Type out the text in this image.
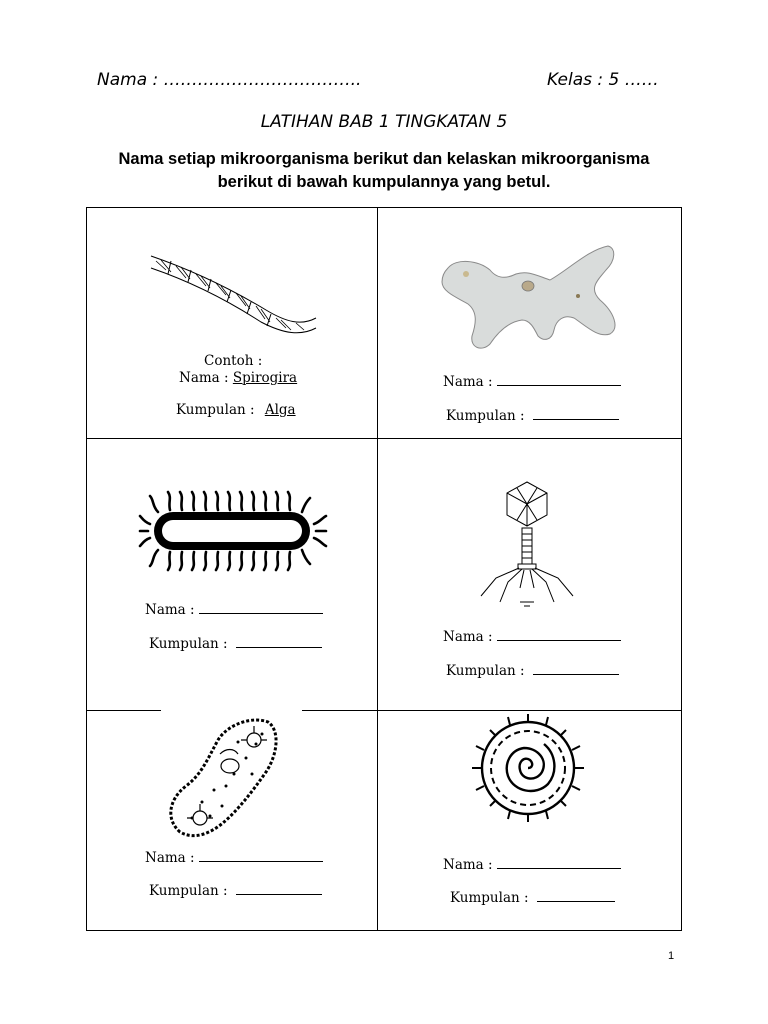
Nama : ……………………………..	Kelas : 5 ……
LATIHAN BAB 1 TINGKATAN 5
Nama setiap mikroorganisma berikut dan kelaskan mikroorganisma
berikut di bawah kumpulannya yang betul.
Contoh :
Nama : Spirogira
Kumpulan : Alga
Nama :
Kumpulan :
Nama :
Kumpulan :	Nama :
Kumpulan :
Nama :
Kumpulan :
Nama :
Kumpulan :
1
